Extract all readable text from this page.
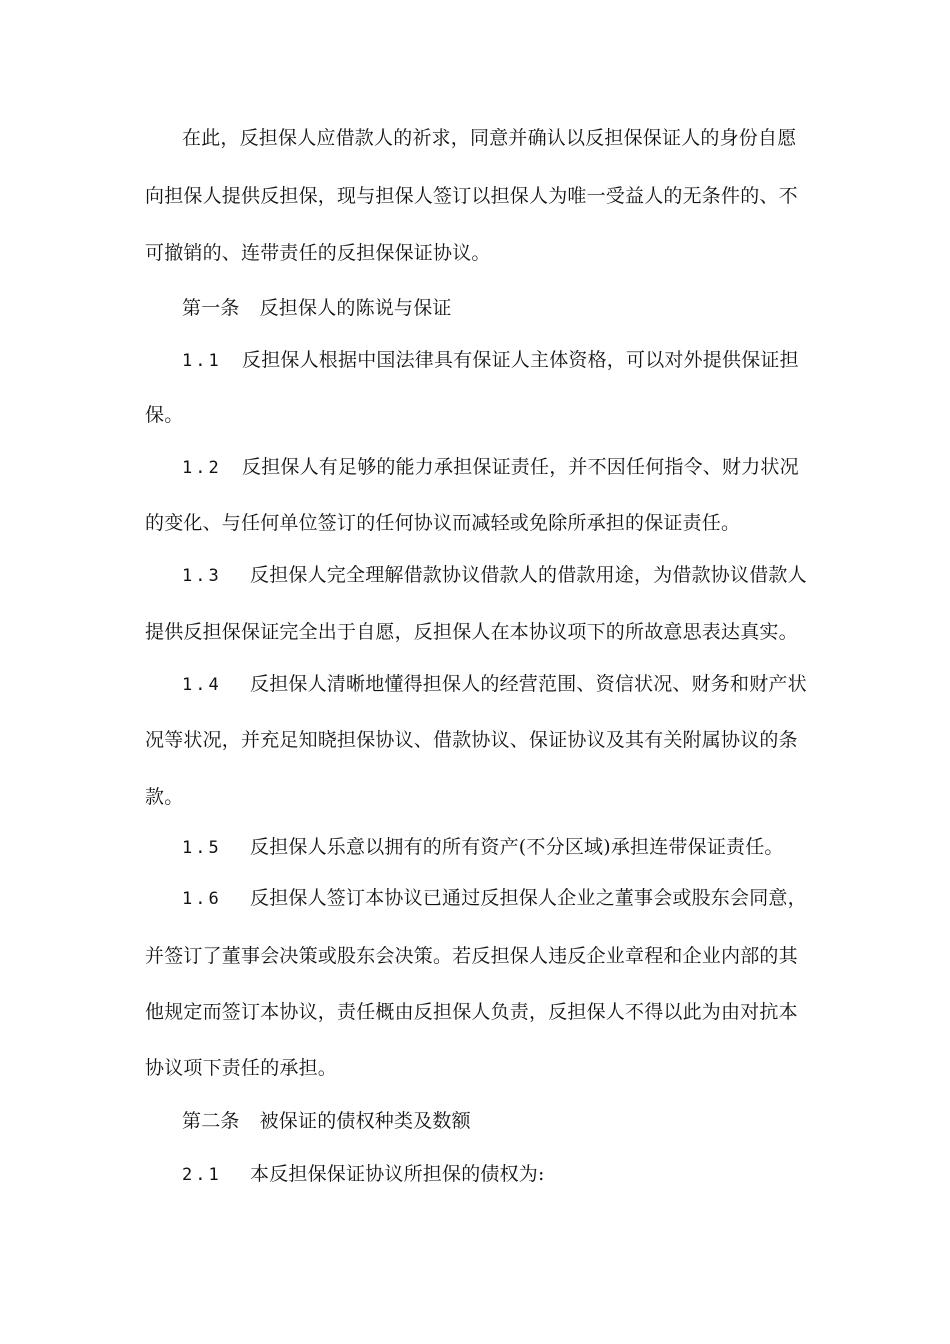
在此，反担保人应借款人的祈求，同意并确认以反担保保证人的身份自愿
向担保人提供反担保，现与担保人签订以担保人为唯一受益人的无条件的、不
可撤销的、连带责任的反担保保证协议。
第一条 反担保人的陈说与保证
1.1 反担保人根据中国法律具有保证人主体资格，可以对外提供保证担
保。
1.2 反担保人有足够的能力承担保证责任，并不因任何指令、财力状况
的变化、与任何单位签订的任何协议而减轻或免除所承担的保证责任。
1.3 反担保人完全理解借款协议借款人的借款用途，为借款协议借款人
提供反担保保证完全出于自愿，反担保人在本协议项下的所故意思表达真实。
1.4 反担保人清晰地懂得担保人的经营范围、资信状况、财务和财产状
况等状况，并充足知晓担保协议、借款协议、保证协议及其有关附属协议的条
款。
1.5 反担保人乐意以拥有的所有资产(不分区域)承担连带保证责任。
1.6 反担保人签订本协议已通过反担保人企业之董事会或股东会同意，
并签订了董事会决策或股东会决策。若反担保人违反企业章程和企业内部的其
他规定而签订本协议，责任概由反担保人负责，反担保人不得以此为由对抗本
协议项下责任的承担。
第二条 被保证的债权种类及数额
2.1 本反担保保证协议所担保的债权为:
